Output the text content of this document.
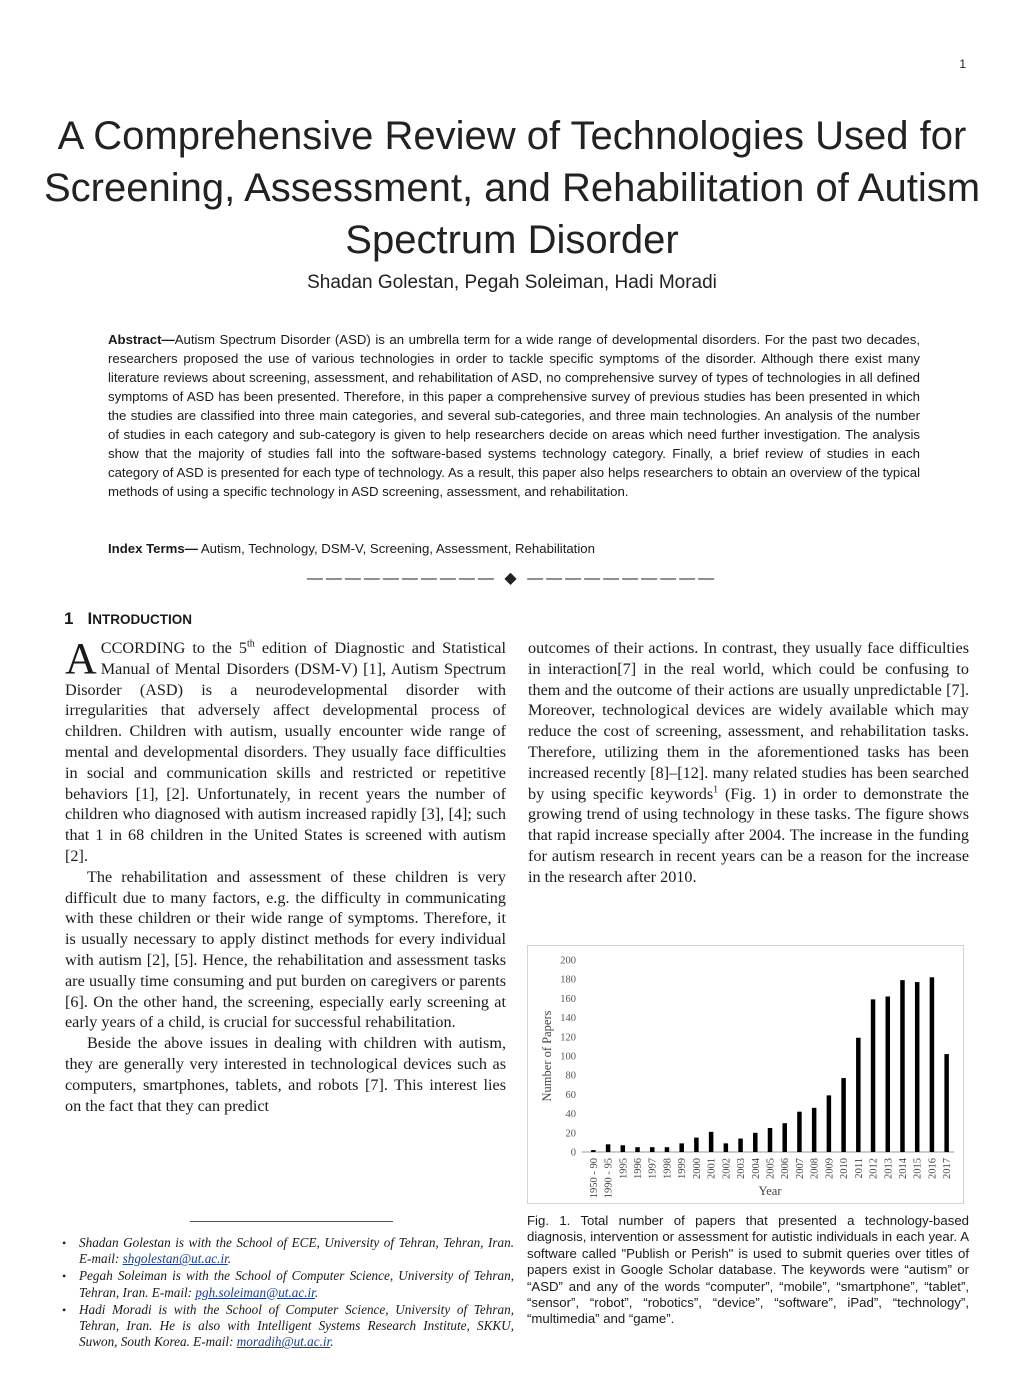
1
A Comprehensive Review of Technologies Used for Screening, Assessment, and Rehabilitation of Autism Spectrum Disorder
Shadan Golestan, Pegah Soleiman, Hadi Moradi

Abstract—Autism Spectrum Disorder (ASD) is an umbrella term for a wide range of developmental disorders. For the past two decades, researchers proposed the use of various technologies in order to tackle specific symptoms of the disorder. Although there exist many literature reviews about screening, assessment, and rehabilitation of ASD, no comprehensive survey of types of technologies in all defined symptoms of ASD has been presented. Therefore, in this paper a comprehensive survey of previous studies has been presented in which the studies are classified into three main categories, and several sub-categories, and three main technologies. An analysis of the number of studies in each category and sub-category is given to help researchers decide on areas which need further investigation. The analysis show that the majority of studies fall into the software-based systems technology category. Finally, a brief review of studies in each category of ASD is presented for each type of technology. As a result, this paper also helps researchers to obtain an overview of the typical methods of using a specific technology in ASD screening, assessment, and rehabilitation.

Index Terms— Autism, Technology, DSM-V, Screening, Assessment, Rehabilitation
—————————— ◆ ——————————
1 INTRODUCTION

ACCORDING to the 5th edition of Diagnostic and Statistical Manual of Mental Disorders (DSM-V) [1], Autism Spectrum Disorder (ASD) is a neurodevelopmental disorder with irregularities that adversely affect developmental process of children. Children with autism, usually encounter wide range of mental and developmental disorders. They usually face difficulties in social and communication skills and restricted or repetitive behaviors [1], [2]. Unfortunately, in recent years the number of children who diagnosed with autism increased rapidly [3], [4]; such that 1 in 68 children in the United States is screened with autism [2].

The rehabilitation and assessment of these children is very difficult due to many factors, e.g. the difficulty in communicating with these children or their wide range of symptoms. Therefore, it is usually necessary to apply distinct methods for every individual with autism [2], [5]. Hence, the rehabilitation and assessment tasks are usually time consuming and put burden on caregivers or parents [6]. On the other hand, the screening, especially early screening at early years of a child, is crucial for successful rehabilitation.

Beside the above issues in dealing with children with autism, they are generally very interested in technological devices such as computers, smartphones, tablets, and robots [7]. This interest lies on the fact that they can predict

outcomes of their actions. In contrast, they usually face difficulties in interaction[7] in the real world, which could be confusing to them and the outcome of their actions are usually unpredictable [7]. Moreover, technological devices are widely available which may reduce the cost of screening, assessment, and rehabilitation tasks. Therefore, utilizing them in the aforementioned tasks has been increased recently [8]–[12]. many related studies has been searched by using specific keywords$^1$ (Fig. 1) in order to demonstrate the growing trend of using technology in these tasks. The figure shows that rapid increase specially after 2004. The increase in the funding for autism research in recent years can be a reason for the increase in the research after 2010.

0
20
40
60
80
100
120
140
160
180
200
1950 - 90 1990 - 95 1995 1996 1997 1998 1999 2000 2001 2002 2003 2004 2005 2006 2007 2008 2009 2010 2011 2012 2013 2014 2015 2016 2017
Number of Papers
Year

Fig. 1. Total number of papers that presented a technology-based diagnosis, intervention or assessment for autistic individuals in each year. A software called "Publish or Perish" is used to submit queries over titles of papers exist in Google Scholar database. The keywords were “autism” or “ASD” and any of the words “computer”, “mobile”, “smartphone”, “tablet”, “sensor”, “robot”, “robotics”, “device”, “software”, iPad”, “technology”, “multimedia” and “game”.

• Shadan Golestan is with the School of ECE, University of Tehran, Tehran, Iran. E-mail: shgolestan@ut.ac.ir.
• Pegah Soleiman is with the School of Computer Science, University of Tehran, Tehran, Iran. E-mail: pgh.soleiman@ut.ac.ir.
• Hadi Moradi is with the School of Computer Science, University of Tehran, Tehran, Iran. He is also with Intelligent Systems Research Institute, SKKU, Suwon, South Korea. E-mail: moradih@ut.ac.ir.
